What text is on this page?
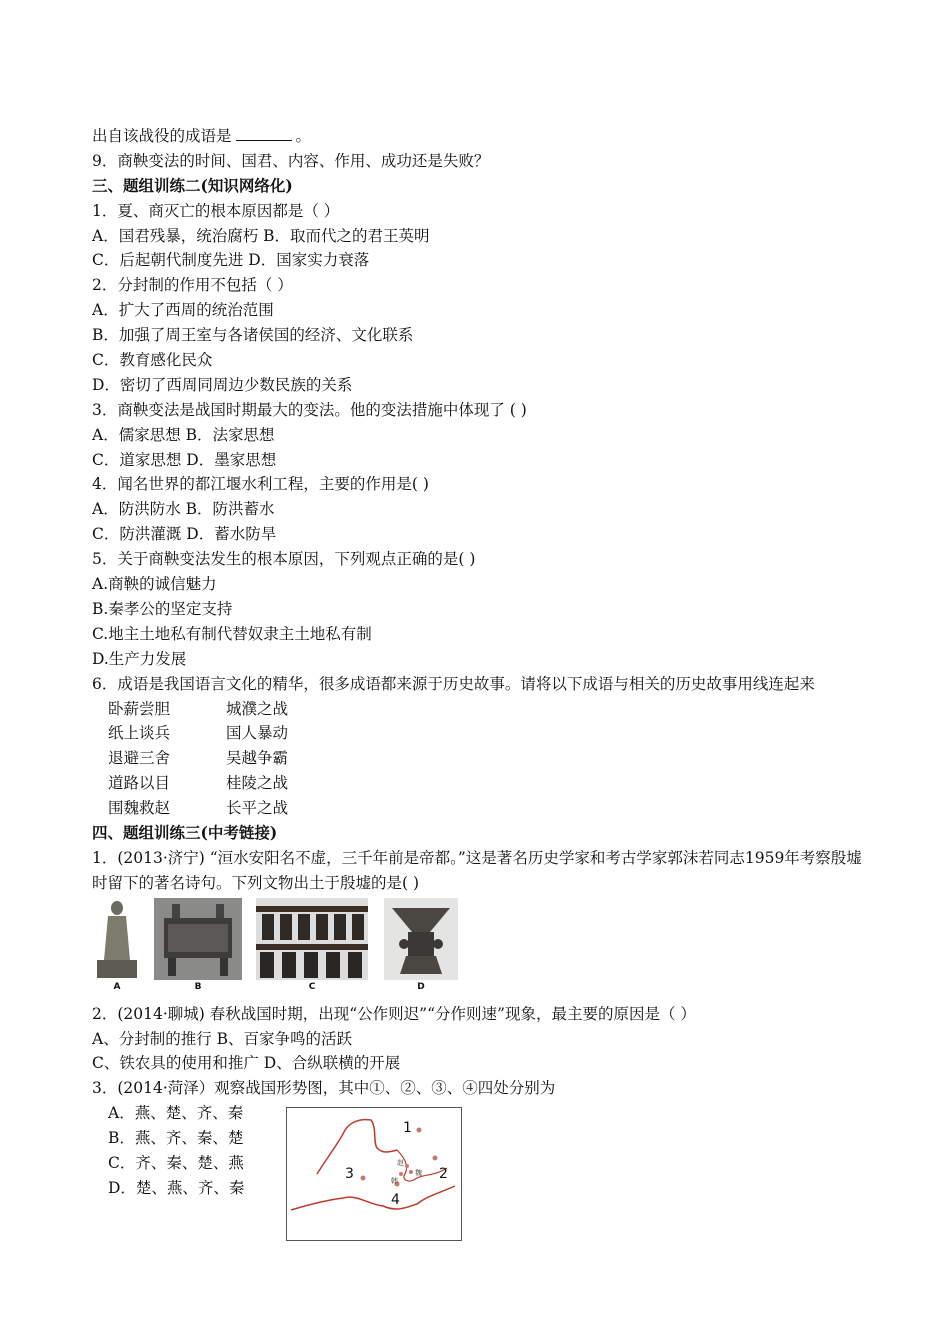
出自该战役的成语是	。
9．商鞅变法的时间、国君、内容、作用、成功还是失败？
三、题组训练二(知识网络化)
1．夏、商灭亡的根本原因都是（ ）
A．国君残暴，统治腐朽 B．取而代之的君王英明
C．后起朝代制度先进 D．国家实力衰落
2．分封制的作用不包括（ ）
A．扩大了西周的统治范围
B．加强了周王室与各诸侯国的经济、文化联系
C．教育感化民众
D．密切了西周同周边少数民族的关系
3．商鞅变法是战国时期最大的变法。他的变法措施中体现了 ( )
A．儒家思想 B．法家思想
C．道家思想 D．墨家思想
4．闻名世界的都江堰水利工程，主要的作用是( )
A．防洪防水 B．防洪蓄水
C．防洪灌溉 D．蓄水防旱
5．关于商鞅变法发生的根本原因，下列观点正确的是( )
A.商鞅的诚信魅力
B.秦孝公的坚定支持
C.地主土地私有制代替奴隶主土地私有制
D.生产力发展
6．成语是我国语言文化的精华，很多成语都来源于历史故事。请将以下成语与相关的历史故事用线连起来
卧薪尝胆	城濮之战
纸上谈兵	国人暴动
退避三舍	吴越争霸
道路以目	桂陵之战
围魏救赵	长平之战
四、题组训练三(中考链接)
1．(2013·济宁) “洹水安阳名不虚，三千年前是帝都。”这是著名历史学家和考古学家郭沫若同志1959年考察殷墟时留下的著名诗句。下列文物出土于殷墟的是( )
A	B	C	D
2．(2014·聊城) 春秋战国时期，出现“公作则迟”“分作则速”现象，最主要的原因是（ ）
A、分封制的推行 B、百家争鸣的活跃
C、铁农具的使用和推广 D、合纵联横的开展
3．(2014·菏泽）观察战国形势图，其中①、②、③、④四处分别为
A．燕、楚、齐、秦
B．燕、齐、秦、楚
C．齐、秦、楚、燕
D．楚、燕、齐、秦
1
2
3
4
赵
魏
韩
